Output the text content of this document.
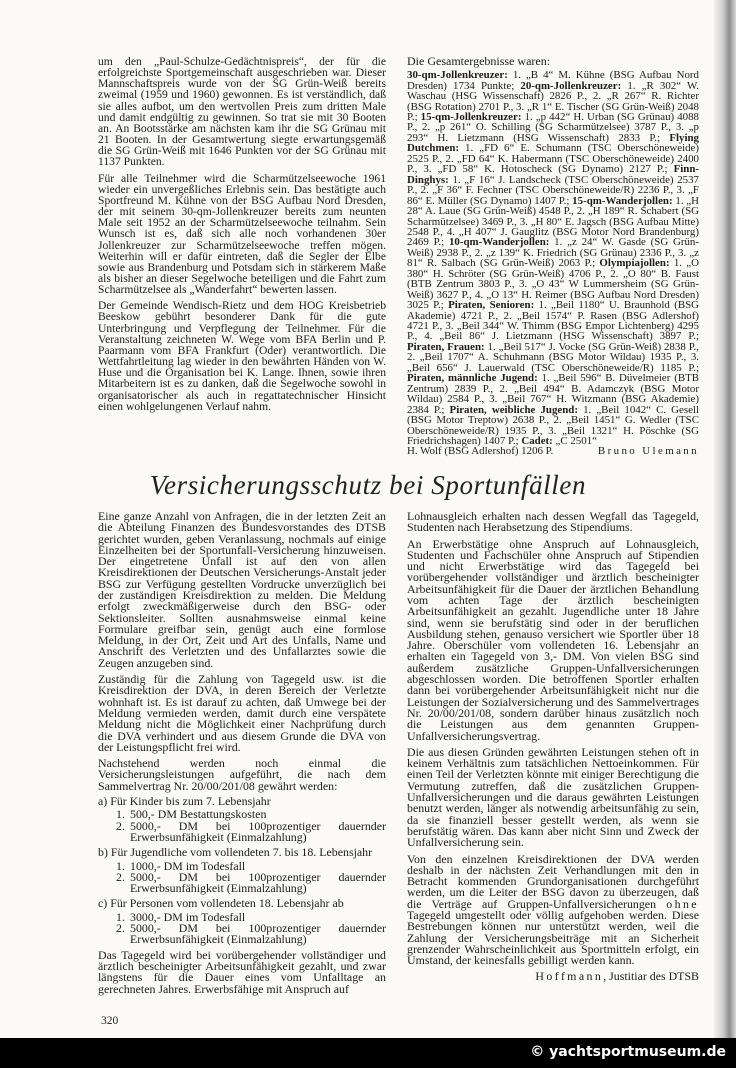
um den „Paul-Schulze-Gedächtnispreis“, der für die erfolgreichste Sportgemeinschaft ausgeschrieben war. Dieser Mannschaftspreis wurde von der SG Grün-Weiß bereits zweimal (1959 und 1960) gewonnen. Es ist verständlich, daß sie alles aufbot, um den wertvollen Preis zum dritten Male und damit endgültig zu gewinnen. So trat sie mit 30 Booten an. An Bootsstärke am nächsten kam ihr die SG Grünau mit 21 Booten. In der Gesamtwertung siegte erwartungsgemäß die SG Grün-Weiß mit 1646 Punkten vor der SG Grünau mit 1137 Punkten.

Für alle Teilnehmer wird die Scharmützelseewoche 1961 wieder ein unvergeßliches Erlebnis sein. Das bestätigte auch Sportfreund M. Kühne von der BSG Aufbau Nord Dresden, der mit seinem 30-qm-Jollenkreuzer bereits zum neunten Male seit 1952 an der Scharmützelseewoche teilnahm. Sein Wunsch ist es, daß sich alle noch vorhandenen 30er Jollenkreuzer zur Scharmützelseewoche treffen mögen. Weiterhin will er dafür eintreten, daß die Segler der Elbe sowie aus Brandenburg und Potsdam sich in stärkerem Maße als bisher an dieser Segelwoche beteiligen und die Fahrt zum Scharmützelsee als „Wanderfahrt“ bewerten lassen.

Der Gemeinde Wendisch-Rietz und dem HOG Kreisbetrieb Beeskow gebührt besonderer Dank für die gute Unterbringung und Verpflegung der Teilnehmer. Für die Veranstaltung zeichneten W. Wege vom BFA Berlin und P. Paarmann vom BFA Frankfurt (Oder) verantwortlich. Die Wettfahrtleitung lag wieder in den bewährten Händen von W. Huse und die Organisation bei K. Lange. Ihnen, sowie ihren Mitarbeitern ist es zu danken, daß die Segelwoche sowohl in organisatorischer als auch in regattatechnischer Hinsicht einen wohlgelungenen Verlauf nahm.

Die Gesamtergebnisse waren:

30-qm-Jollenkreuzer: 1. „B 4“ M. Kühne (BSG Aufbau Nord Dresden) 1734 Punkte; 20-qm-Jollenkreuzer: 1. „R 302“ W. Waschau (HSG Wissenschaft) 2826 P., 2. „R 267“ R. Richter (BSG Rotation) 2701 P., 3. „R 1“ E. Tischer (SG Grün-Weiß) 2048 P.; 15-qm-Jollenkreuzer: 1. „p 442“ H. Urban (SG Grünau) 4088 P., 2. „p 261“ O. Schilling (SG Scharmützelsee) 3787 P., 3. „p 293“ H. Lietzmann (HSG Wissenschaft) 2833 P.; Flying Dutchmen: 1. „FD 6“ E. Schumann (TSC Oberschöneweide) 2525 P., 2. „FD 64“ K. Habermann (TSC Oberschöneweide) 2400 P., 3. „FD 58“ K. Hotoscheck (SG Dynamo) 2127 P.; Finn-Dinghys: 1. „F 16“ J. Landscheck (TSC Oberschöneweide) 2537 P., 2. „F 36“ F. Fechner (TSC Oberschöneweide/R) 2236 P., 3. „F 86“ E. Müller (SG Dynamo) 1407 P.; 15-qm-Wanderjollen: 1. „H 28“ A. Laue (SG Grün-Weiß) 4548 P., 2. „H 189“ R. Schabert (SG Scharmützelsee) 3469 P., 3. „H 80“ E. Jagsch (BSG Aufbau Mitte) 2548 P., 4. „H 407“ J. Gauglitz (BSG Motor Nord Brandenburg) 2469 P.; 10-qm-Wanderjollen: 1. „z 24“ W. Gasde (SG Grün-Weiß) 2938 P., 2. „z 139“ K. Friedrich (SG Grünau) 2336 P., 3. „z 81“ R. Salbach (SG Grün-Weiß) 2063 P.; Olympiajollen: 1. „O 380“ H. Schröter (SG Grün-Weiß) 4706 P., 2. „O 80“ B. Faust (BTB Zentrum 3803 P., 3. „O 43“ W Lummersheim (SG Grün-Weiß) 3627 P., 4. „O 13“ H. Reimer (BSG Aufbau Nord Dresden) 3025 P.; Piraten, Senioren: 1. „Beil 1180“ U. Braunhold (BSG Akademie) 4721 P., 2. „Beil 1574“ P. Rasen (BSG Adlershof) 4721 P., 3. „Beil 344“ W. Thimm (BSG Empor Lichtenberg) 4295 P., 4. „Beil 86“ J. Lietzmann (HSG Wissenschaft) 3897 P.; Piraten, Frauen: 1. „Beil 517“ J. Vocke (SG Grün-Weiß) 2838 P., 2. „Beil 1707“ A. Schuhmann (BSG Motor Wildau) 1935 P., 3. „Beil 656“ J. Lauerwald (TSC Oberschöneweide/R) 1185 P.; Piraten, männliche Jugend: 1. „Beil 596“ B. Düvelmeier (BTB Zentrum) 2839 P., 2. „Beil 494“ B. Adamczyk (BSG Motor Wildau) 2584 P., 3. „Beil 767“ H. Witzmann (BSG Akademie) 2384 P.; Piraten, weibliche Jugend: 1. „Beil 1042“ C. Gesell (BSG Motor Treptow) 2638 P., 2. „Beil 1451“ G. Wedler (TSC Oberschöneweide/R) 1935 P., 3. „Beil 1321“ H. Pöschke (SG Friedrichshagen) 1407 P.; Cadet: „C 2501“

H. Wolf (BSG Adlershof) 1206 P.	Bruno Ulemann
Versicherungsschutz bei Sportunfällen

Eine ganze Anzahl von Anfragen, die in der letzten Zeit an die Abteilung Finanzen des Bundesvorstandes des DTSB gerichtet wurden, geben Veranlassung, nochmals auf einige Einzelheiten bei der Sportunfall-Versicherung hinzuweisen. Der eingetretene Unfall ist auf den von allen Kreisdirektionen der Deutschen Versicherungs-Anstalt jeder BSG zur Verfügung gestellten Vordrucke unverzüglich bei der zuständigen Kreisdirektion zu melden. Die Meldung erfolgt zweckmäßigerweise durch den BSG- oder Sektionsleiter. Sollten ausnahmsweise einmal keine Formulare greifbar sein, genügt auch eine formlose Meldung, in der Ort, Zeit und Art des Unfalls, Name und Anschrift des Verletzten und des Unfallarztes sowie die Zeugen anzugeben sind.

Zuständig für die Zahlung von Tagegeld usw. ist die Kreisdirektion der DVA, in deren Bereich der Verletzte wohnhaft ist. Es ist darauf zu achten, daß Umwege bei der Meldung vermieden werden, damit durch eine verspätete Meldung nicht die Möglichkeit einer Nachprüfung durch die DVA verhindert und aus diesem Grunde die DVA von der Leistungspflicht frei wird.

Nachstehend werden noch einmal die Versicherungsleistungen aufgeführt, die nach dem Sammelvertrag Nr. 20/00/201/08 gewährt werden:

a) Für Kinder bis zum 7. Lebensjahr
1. 500,- DM Bestattungskosten
2. 5000,- DM bei 100prozentiger dauernder Erwerbsunfähigkeit (Einmalzahlung)
b) Für Jugendliche vom vollendeten 7. bis 18. Lebensjahr
1. 1000,- DM im Todesfall
2. 5000,- DM bei 100prozentiger dauernder Erwerbsunfähigkeit (Einmalzahlung)
c) Für Personen vom vollendeten 18. Lebensjahr ab
1. 3000,- DM im Todesfall
2. 5000,- DM bei 100prozentiger dauernder Erwerbsunfähigkeit (Einmalzahlung)

Das Tagegeld wird bei vorübergehender vollständiger und ärztlich bescheinigter Arbeitsunfähigkeit gezahlt, und zwar längstens für die Dauer eines vom Unfalltage an gerechneten Jahres. Erwerbsfähige mit Anspruch auf

Lohnausgleich erhalten nach dessen Wegfall das Tagegeld, Studenten nach Herabsetzung des Stipendiums.

An Erwerbstätige ohne Anspruch auf Lohnausgleich, Studenten und Fachschüler ohne Anspruch auf Stipendien und nicht Erwerbstätige wird das Tagegeld bei vorübergehender vollständiger und ärztlich bescheinigter Arbeitsunfähigkeit für die Dauer der ärztlichen Behandlung vom achten Tage der ärztlich bescheinigten Arbeitsunfähigkeit an gezahlt. Jugendliche unter 18 Jahre sind, wenn sie berufstätig sind oder in der beruflichen Ausbildung stehen, genauso versichert wie Sportler über 18 Jahre. Oberschüler vom vollendeten 16. Lebensjahr an erhalten ein Tagegeld von 3,- DM. Von vielen BSG sind außerdem zusätzliche Gruppen-Unfallversicherungen abgeschlossen worden. Die betroffenen Sportler erhalten dann bei vorübergehender Arbeitsunfähigkeit nicht nur die Leistungen der Sozialversicherung und des Sammelvertrages Nr. 20/00/201/08, sondern darüber hinaus zusätzlich noch die Leistungen aus dem genannten Gruppen-Unfallversicherungsvertrag.

Die aus diesen Gründen gewährten Leistungen stehen oft in keinem Verhältnis zum tatsächlichen Nettoeinkommen. Für einen Teil der Verletzten könnte mit einiger Berechtigung die Vermutung zutreffen, daß die zusätzlichen Gruppen-Unfallversicherungen und die daraus gewährten Leistungen benutzt werden, länger als notwendig arbeitsunfähig zu sein, da sie finanziell besser gestellt werden, als wenn sie berufstätig wären. Das kann aber nicht Sinn und Zweck der Unfallversicherung sein.

Von den einzelnen Kreisdirektionen der DVA werden deshalb in der nächsten Zeit Verhandlungen mit den in Betracht kommenden Grundorganisationen durchgeführt werden, um die Leiter der BSG davon zu überzeugen, daß die Verträge auf Gruppen-Unfallversicherungen ohne Tagegeld umgestellt oder völlig aufgehoben werden. Diese Bestrebungen können nur unterstützt werden, weil die Zahlung der Versicherungsbeiträge mit an Sicherheit grenzender Wahrscheinlichkeit aus Sportmitteln erfolgt, ein Umstand, der keinesfalls gebilligt werden kann.

Hoffmann, Justitiar des DTSB
320
© yachtsportmuseum.de
